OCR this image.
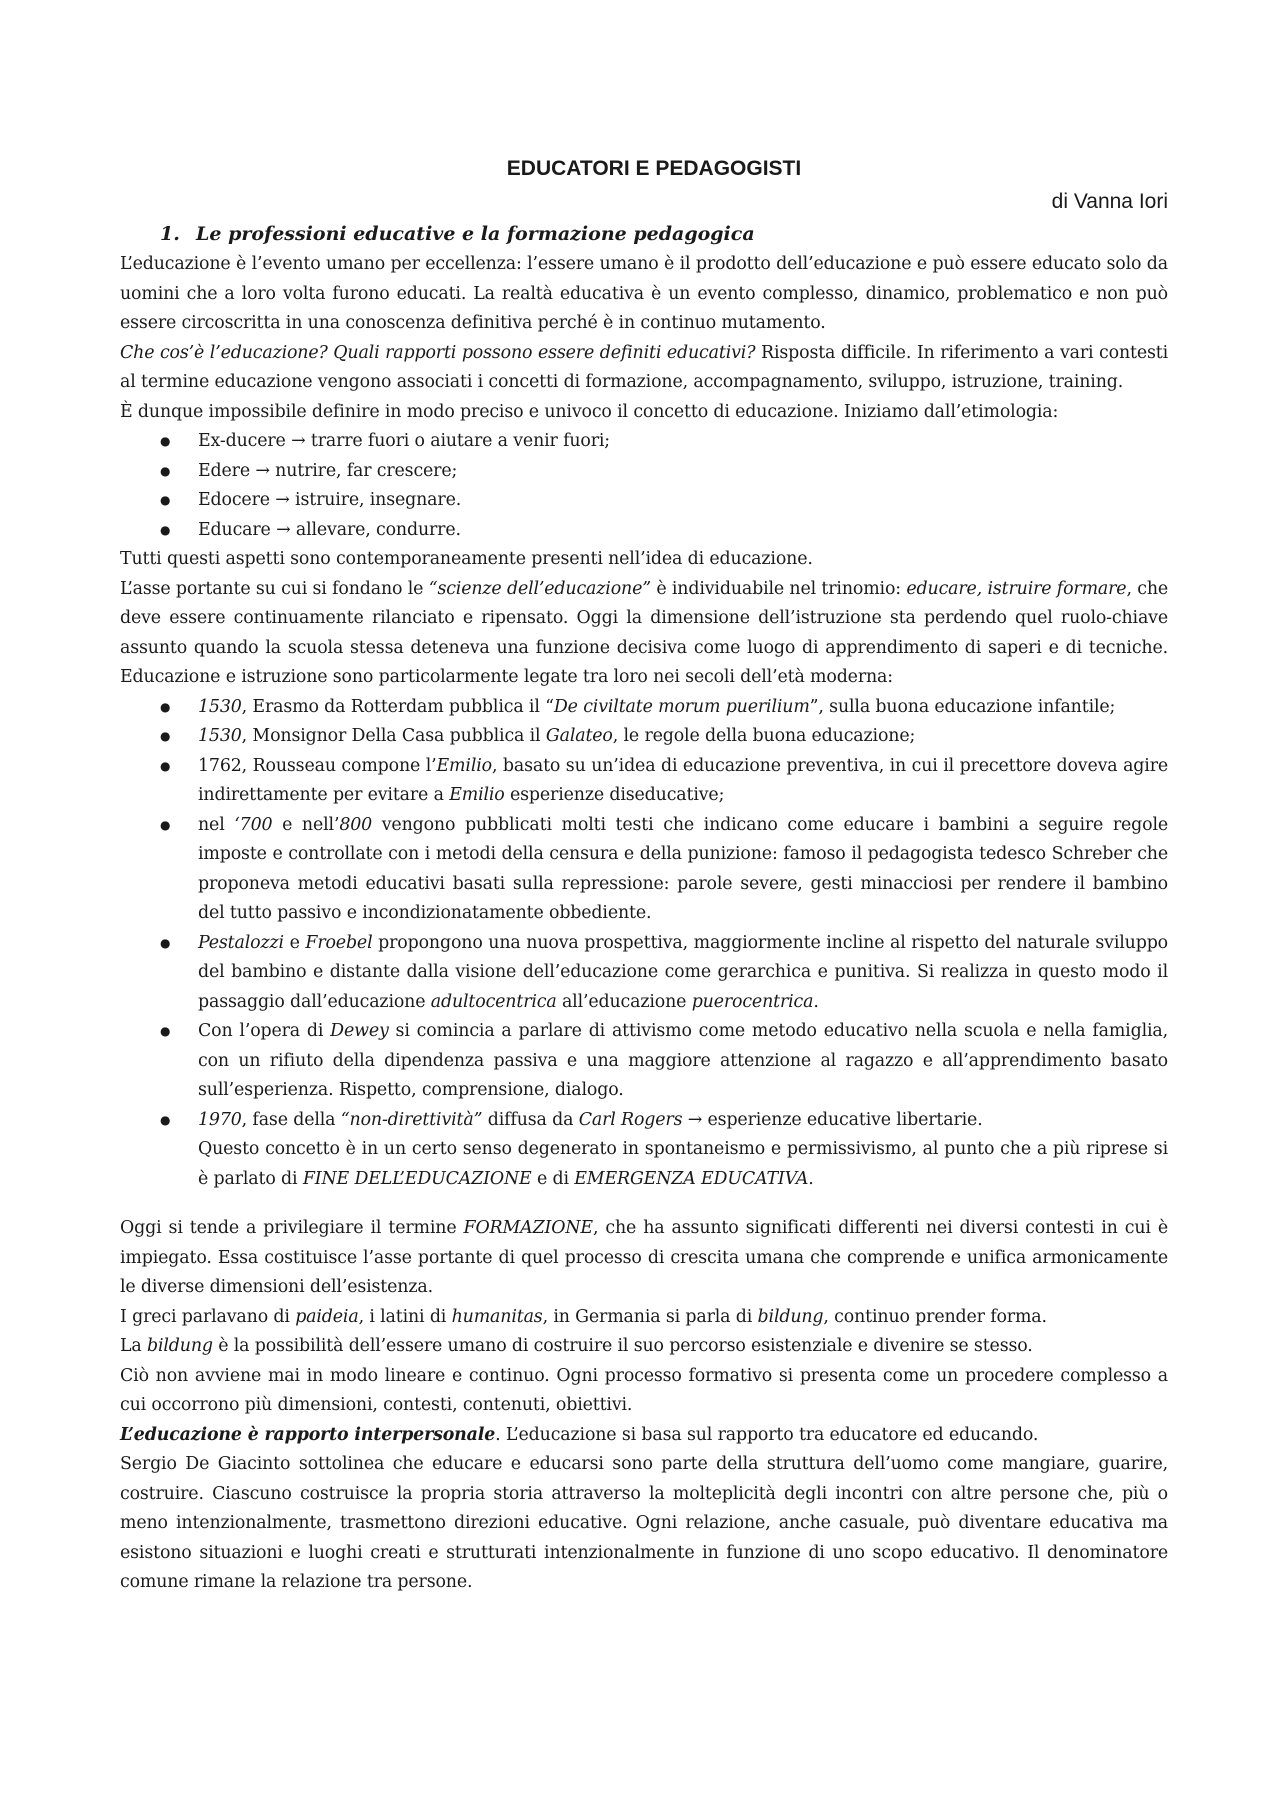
EDUCATORI E PEDAGOGISTI
di Vanna Iori
1. Le professioni educative e la formazione pedagogica

L’educazione è l’evento umano per eccellenza: l’essere umano è il prodotto dell’educazione e può essere educato solo da uomini che a loro volta furono educati. La realtà educativa è un evento complesso, dinamico, problematico e non può essere circoscritta in una conoscenza definitiva perché è in continuo mutamento.

Che cos’è l’educazione? Quali rapporti possono essere definiti educativi? Risposta difficile. In riferimento a vari contesti al termine educazione vengono associati i concetti di formazione, accompagnamento, sviluppo, istruzione, training.

È dunque impossibile definire in modo preciso e univoco il concetto di educazione. Iniziamo dall’etimologia:

● Ex-ducere → trarre fuori o aiutare a venir fuori;
● Edere → nutrire, far crescere;
● Edocere → istruire, insegnare.
● Educare → allevare, condurre.

Tutti questi aspetti sono contemporaneamente presenti nell’idea di educazione.

L’asse portante su cui si fondano le “scienze dell’educazione” è individuabile nel trinomio: educare, istruire formare, che deve essere continuamente rilanciato e ripensato. Oggi la dimensione dell’istruzione sta perdendo quel ruolo-chiave assunto quando la scuola stessa deteneva una funzione decisiva come luogo di apprendimento di saperi e di tecniche. Educazione e istruzione sono particolarmente legate tra loro nei secoli dell’età moderna:

● 1530, Erasmo da Rotterdam pubblica il “De civiltate morum puerilium”, sulla buona educazione infantile;
● 1530, Monsignor Della Casa pubblica il Galateo, le regole della buona educazione;
● 1762, Rousseau compone l’Emilio, basato su un’idea di educazione preventiva, in cui il precettore doveva agire indirettamente per evitare a Emilio esperienze diseducative;
● nel ‘700 e nell’800 vengono pubblicati molti testi che indicano come educare i bambini a seguire regole imposte e controllate con i metodi della censura e della punizione: famoso il pedagogista tedesco Schreber che proponeva metodi educativi basati sulla repressione: parole severe, gesti minacciosi per rendere il bambino del tutto passivo e incondizionatamente obbediente.
● Pestalozzi e Froebel propongono una nuova prospettiva, maggiormente incline al rispetto del naturale sviluppo del bambino e distante dalla visione dell’educazione come gerarchica e punitiva. Si realizza in questo modo il passaggio dall’educazione adultocentrica all’educazione puerocentrica.
● Con l’opera di Dewey si comincia a parlare di attivismo come metodo educativo nella scuola e nella famiglia, con un rifiuto della dipendenza passiva e una maggiore attenzione al ragazzo e all’apprendimento basato sull’esperienza. Rispetto, comprensione, dialogo.
● 1970, fase della “non-direttività” diffusa da Carl Rogers → esperienze educative libertarie.
Questo concetto è in un certo senso degenerato in spontaneismo e permissivismo, al punto che a più riprese si è parlato di FINE DELL’EDUCAZIONE e di EMERGENZA EDUCATIVA.

Oggi si tende a privilegiare il termine FORMAZIONE, che ha assunto significati differenti nei diversi contesti in cui è impiegato. Essa costituisce l’asse portante di quel processo di crescita umana che comprende e unifica armonicamente le diverse dimensioni dell’esistenza.

I greci parlavano di paideia, i latini di humanitas, in Germania si parla di bildung, continuo prender forma.

La bildung è la possibilità dell’essere umano di costruire il suo percorso esistenziale e divenire se stesso.

Ciò non avviene mai in modo lineare e continuo. Ogni processo formativo si presenta come un procedere complesso a cui occorrono più dimensioni, contesti, contenuti, obiettivi.

L’educazione è rapporto interpersonale. L’educazione si basa sul rapporto tra educatore ed educando.

Sergio De Giacinto sottolinea che educare e educarsi sono parte della struttura dell’uomo come mangiare, guarire, costruire. Ciascuno costruisce la propria storia attraverso la molteplicità degli incontri con altre persone che, più o meno intenzionalmente, trasmettono direzioni educative. Ogni relazione, anche casuale, può diventare educativa ma esistono situazioni e luoghi creati e strutturati intenzionalmente in funzione di uno scopo educativo. Il denominatore comune rimane la relazione tra persone.
